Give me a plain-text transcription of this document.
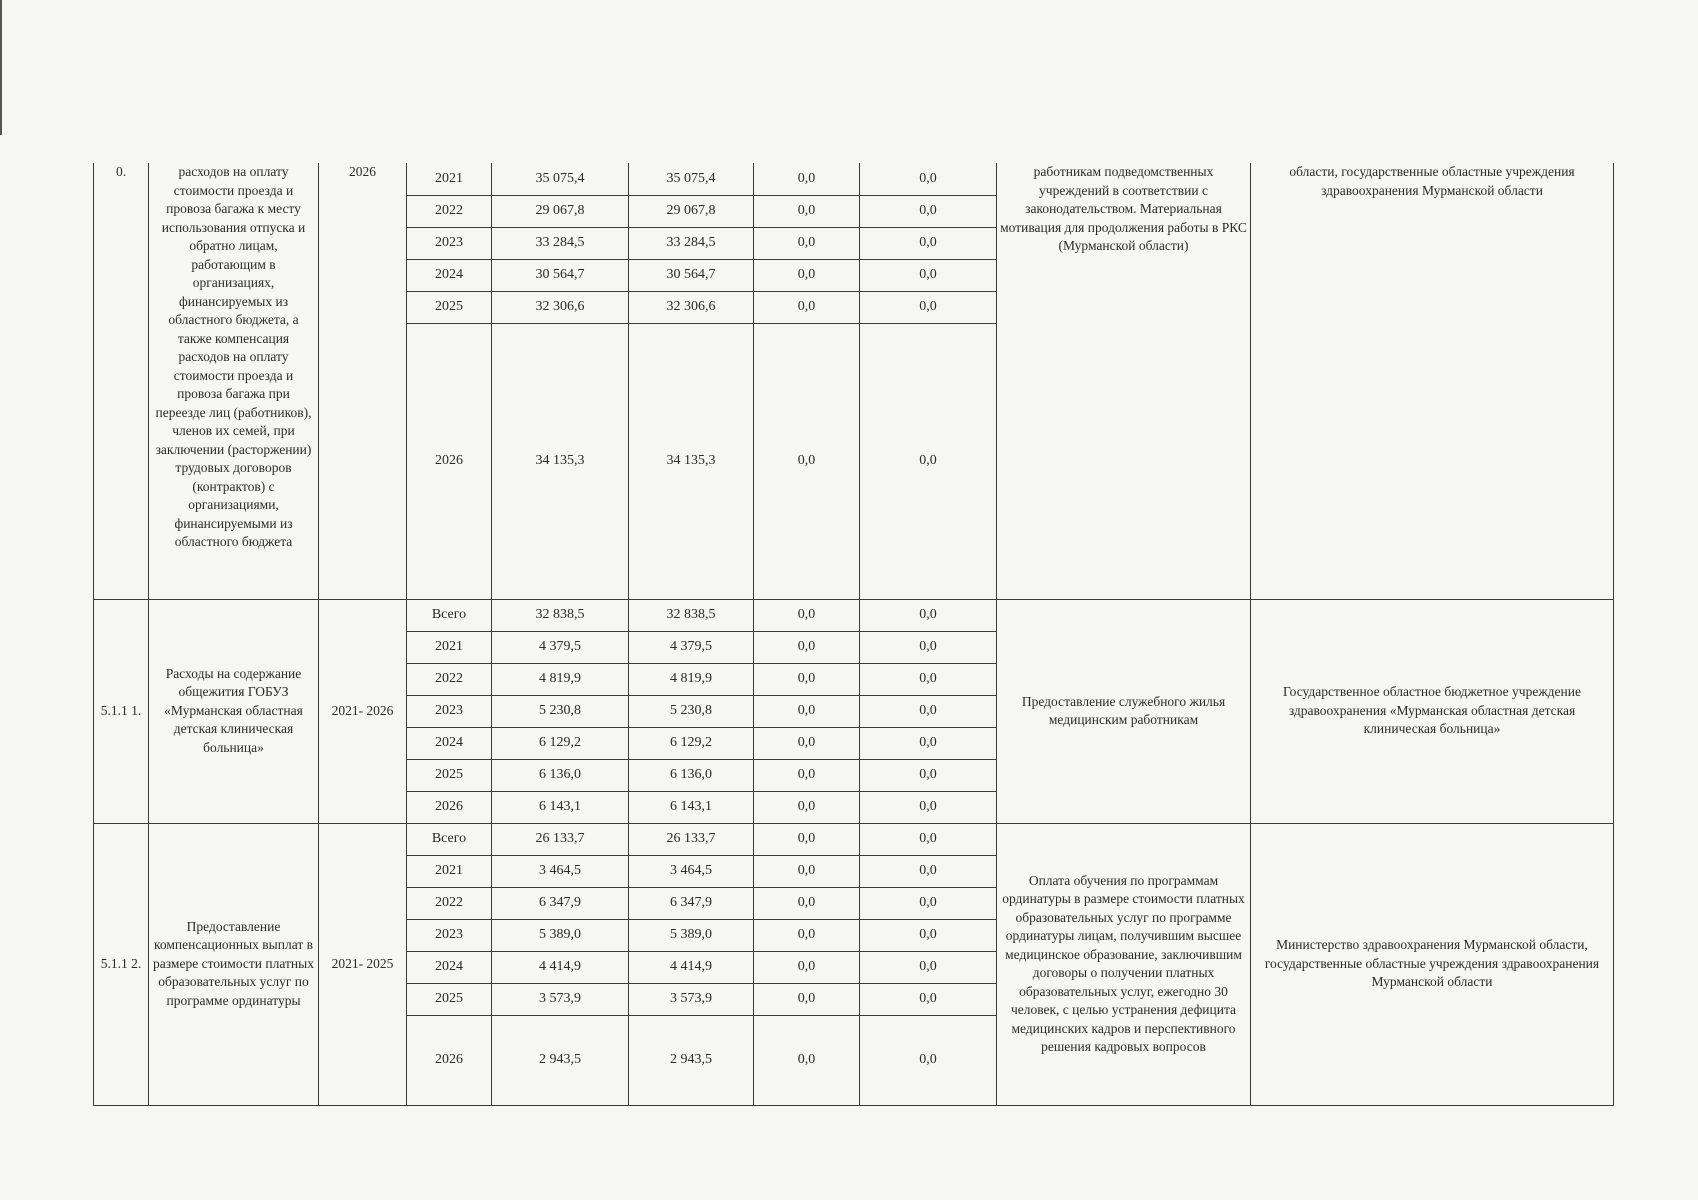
0.	расходов на оплату стоимости проезда и провоза багажа к месту использования отпуска и обратно лицам, работающим в организациях, финансируемых из областного бюджета, а также компенсация расходов на оплату стоимости проезда и провоза багажа при переезде лиц (работников), членов их семей, при заключении (расторжении) трудовых договоров (контрактов) с организациями, финансируемыми из областного бюджета	2026	2021	35 075,4	35 075,4	0,0	0,0	работникам подведомственных учреждений в соответствии с законодательством. Материальная мотивация для продолжения работы в РКС (Мурманской области)	области, государственные областные учреждения здравоохранения Мурманской области
			2022	29 067,8	29 067,8	0,0	0,0		
			2023	33 284,5	33 284,5	0,0	0,0		
			2024	30 564,7	30 564,7	0,0	0,0		
			2025	32 306,6	32 306,6	0,0	0,0		
			2026	34 135,3	34 135,3	0,0	0,0		
5.1.1 1.	Расходы на содержание общежития ГОБУЗ «Мурманская областная детская клиническая больница»	2021- 2026	Всего	32 838,5	32 838,5	0,0	0,0	Предоставление служебного жилья медицинским работникам	Государственное областное бюджетное учреждение здравоохранения «Мурманская областная детская клиническая больница»
			2021	4 379,5	4 379,5	0,0	0,0		
			2022	4 819,9	4 819,9	0,0	0,0		
			2023	5 230,8	5 230,8	0,0	0,0		
			2024	6 129,2	6 129,2	0,0	0,0		
			2025	6 136,0	6 136,0	0,0	0,0		
			2026	6 143,1	6 143,1	0,0	0,0		
5.1.1 2.	Предоставление компенсационных выплат в размере стоимости платных образовательных услуг по программе ординатуры	2021- 2025	Всего	26 133,7	26 133,7	0,0	0,0	Оплата обучения по программам ординатуры в размере стоимости платных образовательных услуг по программе ординатуры лицам, получившим высшее медицинское образование, заключившим договоры о получении платных образовательных услуг, ежегодно 30 человек, с целью устранения дефицита медицинских кадров и перспективного решения кадровых вопросов	Министерство здравоохранения Мурманской области, государственные областные учреждения здравоохранения Мурманской области
			2021	3 464,5	3 464,5	0,0	0,0		
			2022	6 347,9	6 347,9	0,0	0,0		
			2023	5 389,0	5 389,0	0,0	0,0		
			2024	4 414,9	4 414,9	0,0	0,0		
			2025	3 573,9	3 573,9	0,0	0,0		
			2026	2 943,5	2 943,5	0,0	0,0		
